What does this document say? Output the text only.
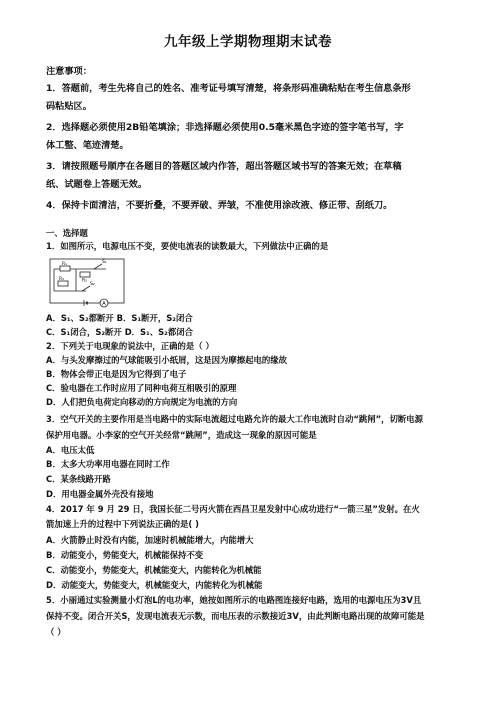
九年级上学期物理期末试卷
注意事项：
1．答题前，考生先将自己的姓名、准考证号填写清楚，将条形码准确粘贴在考生信息条形
码粘贴区。
2．选择题必须使用2B铅笔填涂；非选择题必须使用0.5毫米黑色字迹的签字笔书写，字
体工整、笔迹清楚。
3．请按照题号顺序在各题目的答题区域内作答，超出答题区域书写的答案无效；在草稿
纸、试题卷上答题无效。
4．保持卡面清洁，不要折叠，不要弄破、弄皱，不准使用涂改液、修正带、刮纸刀。
一、选择题
1．如图所示，电源电压不变，要使电流表的读数最大，下列做法中正确的是
A
R₁
R₂
R₃
S₁
S₂
A．S₁、S₂都断开 B．S₁断开，S₂闭合
C．S₁闭合，S₂断开 D．S₁、S₂都闭合
2．下列关于电现象的说法中，正确的是（ ）
A．与头发摩擦过的气球能吸引小纸屑，这是因为摩擦起电的缘故
B．物体会带正电是因为它得到了电子
C．验电器在工作时应用了同种电荷互相吸引的原理
D．人们把负电荷定向移动的方向规定为电流的方向
3．空气开关的主要作用是当电路中的实际电流超过电路允许的最大工作电流时自动“跳闸”，切断电源
保护用电器。小李家的空气开关经常“跳闸”，造成这一现象的原因可能是
A．电压太低
B．太多大功率用电器在同时工作
C．某条线路开路
D．用电器金属外壳没有接地
4．2017 年 9 月 29 日，我国长征二号丙火箭在西昌卫星发射中心成功进行“一箭三星”发射。在火
箭加速上升的过程中下列说法正确的是( )
A．火箭静止时没有内能，加速时机械能增大，内能增大
B．动能变小，势能变大，机械能保持不变
C．动能变小，势能变大，机械能变大，内能转化为机械能
D．动能变大，势能变大，机械能变大，内能转化为机械能
5．小丽通过实验测量小灯泡L的电功率，她按如图所示的电路图连接好电路，选用的电源电压为3V且
保持不变。闭合开关S，发现电流表无示数，而电压表的示数接近3V，由此判断电路出现的故障可能是
（ ）
